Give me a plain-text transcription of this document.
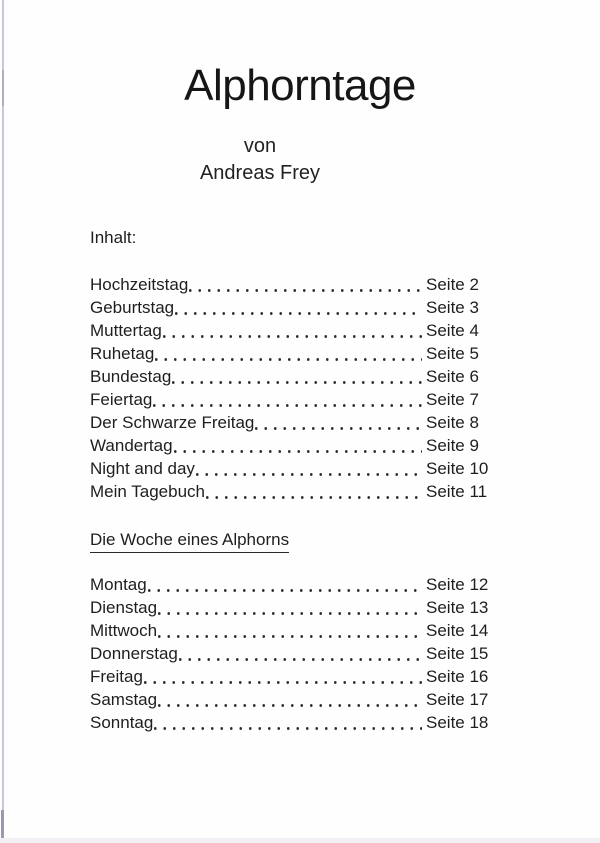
Alphorntage
von
Andreas Frey
Inhalt:
Hochzeitstag	Seite 2
Geburtstag	Seite 3
Muttertag	Seite 4
Ruhetag	Seite 5
Bundestag	Seite 6
Feiertag	Seite 7
Der Schwarze Freitag	Seite 8
Wandertag	Seite 9
Night and day	Seite 10
Mein Tagebuch	Seite 11
Die Woche eines Alphorns
Montag	Seite 12
Dienstag	Seite 13
Mittwoch	Seite 14
Donnerstag	Seite 15
Freitag	Seite 16
Samstag	Seite 17
Sonntag	Seite 18
